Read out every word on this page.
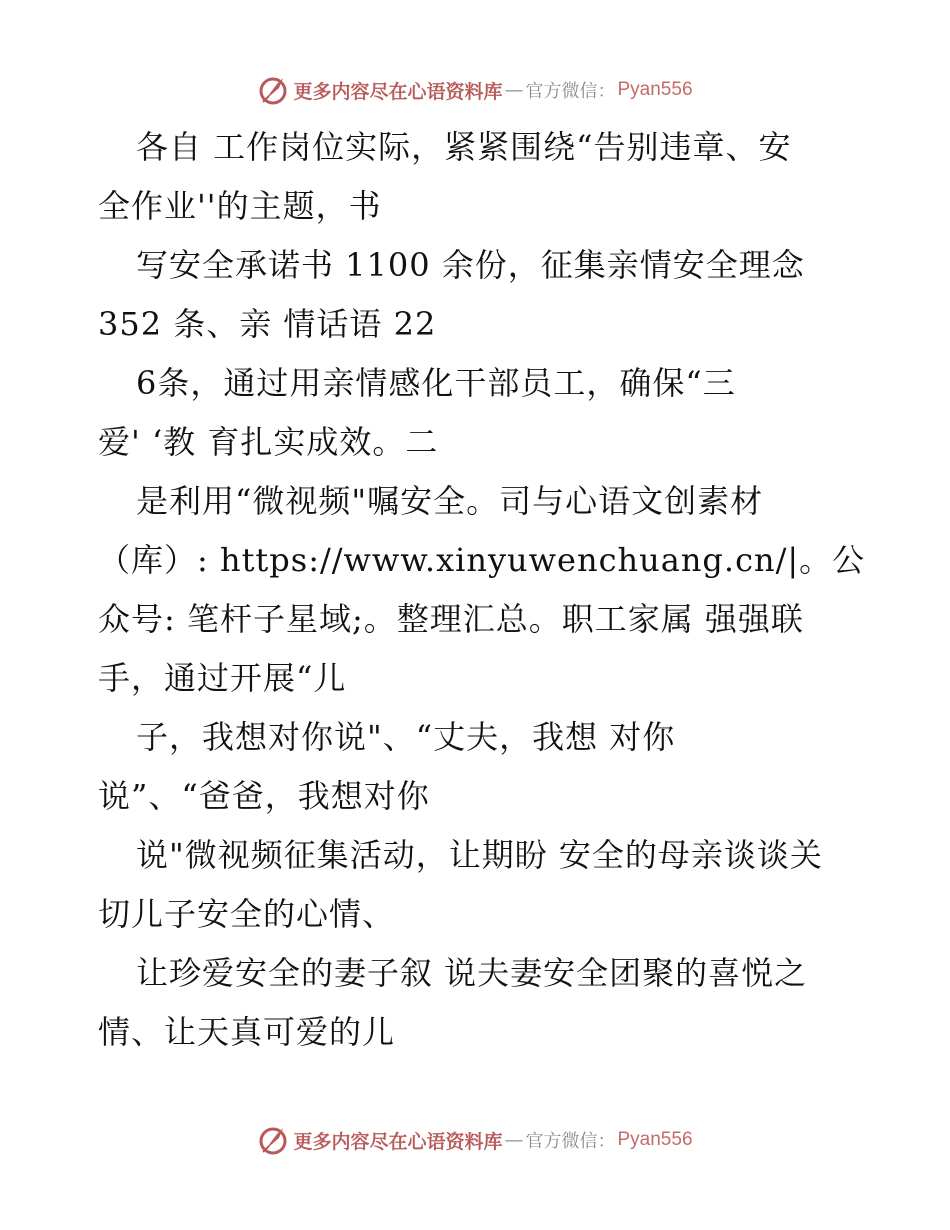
更多内容尽在心语资料库 — 官方微信： Pyan556
各自 工作岗位实际，紧紧围绕“告别违章、安
全作业''的主题，书
写安全承诺书 1100 余份，征集亲情安全理念
352 条、亲 情话语 22
6条，通过用亲情感化干部员工，确保“三
爱' ‘教 育扎实成效。二
是利用“微视频"嘱安全。司与心语文创素材
（库）: https://www.xinyuwenchuang.cn/|。公
众号: 笔杆子星域;。整理汇总。职工家属 强强联
手，通过开展“儿
子，我想对你说"、“丈夫，我想 对你
说”、“爸爸，我想对你
说"微视频征集活动，让期盼 安全的母亲谈谈关
切儿子安全的心情、
让珍爱安全的妻子叙 说夫妻安全团聚的喜悦之
情、让天真可爱的儿
更多内容尽在心语资料库 — 官方微信： Pyan556
